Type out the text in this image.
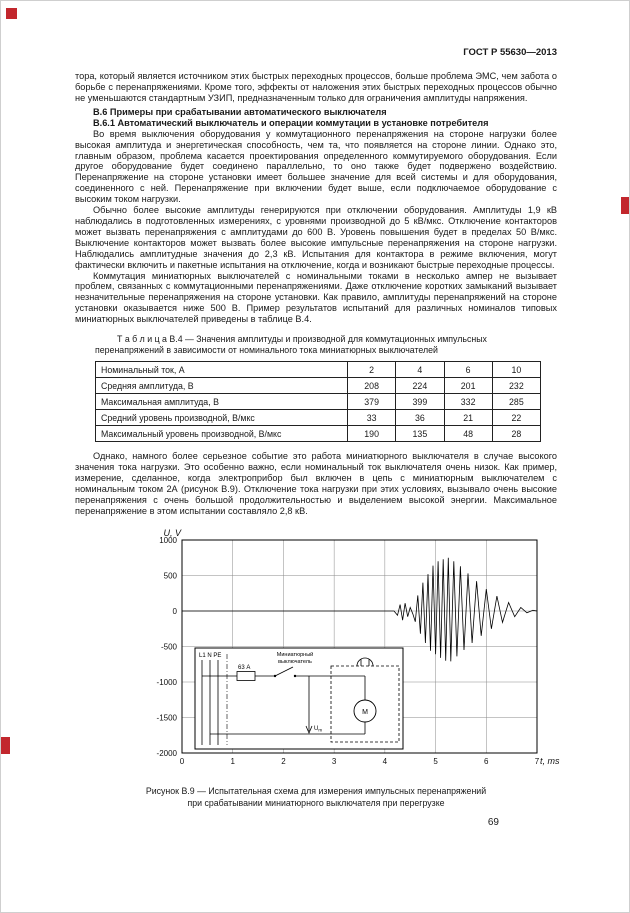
ГОСТ Р 55630—2013

тора, который является источником этих быстрых переходных процессов, больше проблема ЭМС, чем забота о борьбе с перенапряжениями. Кроме того, эффекты от наложения этих быстрых переходных процессов обычно не уменьшаются стандартным УЗИП, предназначенным только для ограничения амплитуды напряжения.

В.6 Примеры при срабатывании автоматического выключателя

В.6.1 Автоматический выключатель и операции коммутации в установке потребителя

Во время выключения оборудования у коммутационного перенапряжения на стороне нагрузки более высокая амплитуда и энергетическая способность, чем та, что появляется на стороне линии. Однако это, главным образом, проблема касается проектирования определенного коммутируемого оборудования. Если другое оборудование будет соединено параллельно, то оно также будет подвержено воздействию. Перенапряжение на стороне установки имеет большее значение для всей системы и для оборудования, соединенного с ней. Перенапряжение при включении будет выше, если подключаемое оборудование с высоким током нагрузки.

Обычно более высокие амплитуды генерируются при отключении оборудования. Амплитуды 1,9 кВ наблюдались в подготовленных измерениях, с уровнями производной до 5 кВ/мкс. Отключение контакторов может вызвать перенапряжения с амплитудами до 600 В. Уровень повышения будет в пределах 50 В/мкс. Выключение контакторов может вызвать более высокие импульсные перенапряжения на стороне нагрузки. Наблюдались амплитудные значения до 2,3 кВ. Испытания для контактора в режиме включения, могут фактически включить и пакетные испытания на отключение, когда и возникают быстрые переходные процессы.

Коммутация миниатюрных выключателей с номинальными токами в несколько ампер не вызывает проблем, связанных с коммутационными перенапряжениями. Даже отключение коротких замыканий вызывает незначительные перенапряжения на стороне установки. Как правило, амплитуды перенапряжений на стороне установки оказывается ниже 500 В. Пример результатов испытаний для различных номиналов типовых миниатюрных выключателей приведены в таблице В.4.

Т а б л и ц а В.4 — Значения амплитуды и производной для коммутационных импульсных перенапряжений в зависимости от номинального тока миниатюрных выключателей
Номинальный ток, А	2	4	6	10
Средняя амплитуда, В	208	224	201	232
Максимальная амплитуда, В	379	399	332	285
Средний уровень производной, В/мкс	33	36	21	22
Максимальный уровень производной, В/мкс	190	135	48	28

Однако, намного более серьезное событие это работа миниатюрного выключателя в случае высокого значения тока нагрузки. Это особенно важно, если номинальный ток выключателя очень низок. Как пример, измерение, сделанное, когда электроприбор был включен в цепь с миниатюрным выключателем с номинальным током 2А (рисунок В.9). Отключение тока нагрузки при этих условиях, вызывало очень высокие перенапряжения с очень большой продолжительностью и выделением высокой энергии. Максимальное перенапряжение в этом испытании составляло 2,8 кВ.

L1 N PE
63 А
Миниатюрный
выключатель
M
$U_m$
0	1	2	3	4	5	6	7
1000
500
0
-500
-1000
-1500
-2000
U, V
t, ms
Рисунок В.9 — Испытательная схема для измерения импульсных перенапряжений
при срабатывании миниатюрного выключателя при перегрузке
69
